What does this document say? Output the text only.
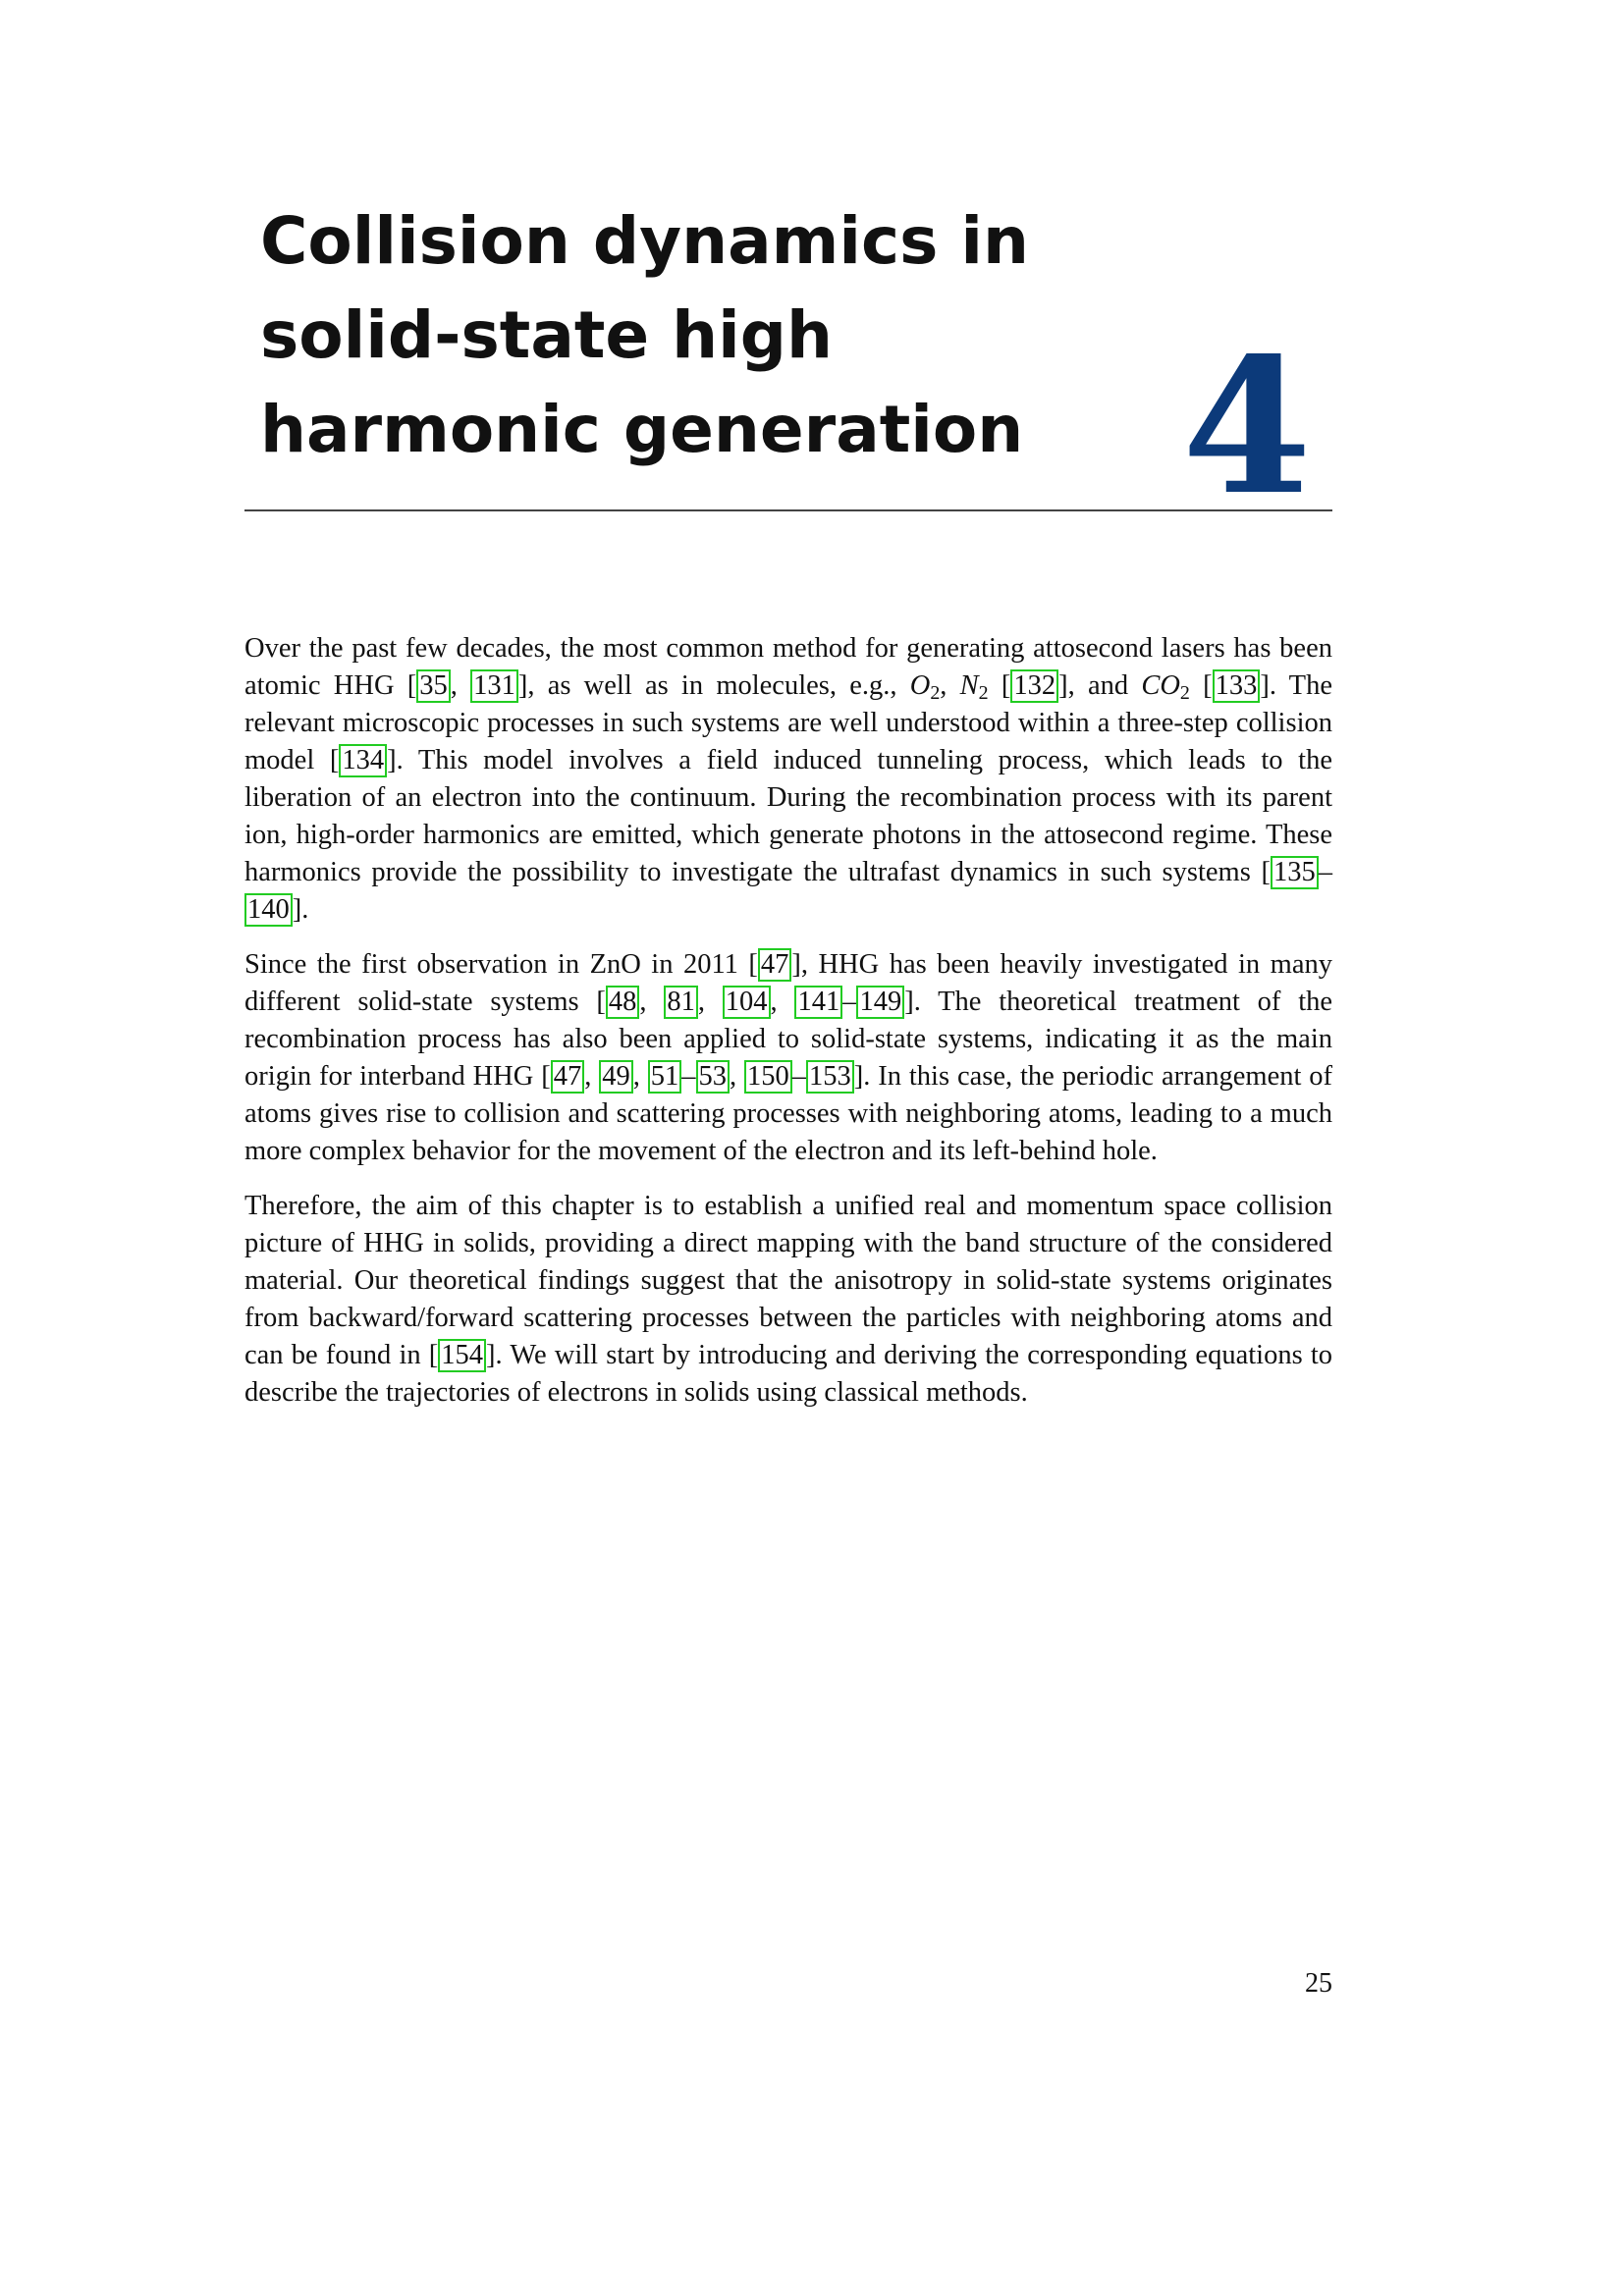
Collision dynamics in solid-state high harmonic generation 4

Over the past few decades, the most common method for generating attosecond lasers has been atomic HHG [ 35 , 131 ], as well as in molecules, e.g., $O_2$, $N_2$ [ 132 ], and $CO_2$ [ 133 ]. The relevant microscopic processes in such systems are well understood within a three-step collision model [ 134 ]. This model involves a field induced tunneling process, which leads to the liberation of an electron into the continuum. During the recombination process with its parent ion, high-order harmonics are emitted, which generate photons in the attosecond regime. These harmonics provide the possibility to investigate the ultrafast dynamics in such systems [ 135 –140 ].

Since the first observation in ZnO in 2011 [ 47 ], HHG has been heavily investigated in many different solid-state systems [ 48 , 81 , 104 , 141 – 149 ]. The theoretical treatment of the recombination process has also been applied to solid-state systems, indicating it as the main origin for interband HHG [ 47 , 49 , 51 – 53 , 150 – 153 ]. In this case, the periodic arrangement of atoms gives rise to collision and scattering processes with neighboring atoms, leading to a much more complex behavior for the movement of the electron and its left-behind hole.

Therefore, the aim of this chapter is to establish a unified real and momentum space collision picture of HHG in solids, providing a direct mapping with the band structure of the considered material. Our theoretical findings suggest that the anisotropy in solid-state systems originates from backward/forward scattering processes between the particles with neighboring atoms and can be found in [ 154 ]. We will start by introducing and deriving the corresponding equations to describe the trajectories of electrons in solids using classical methods.

25
